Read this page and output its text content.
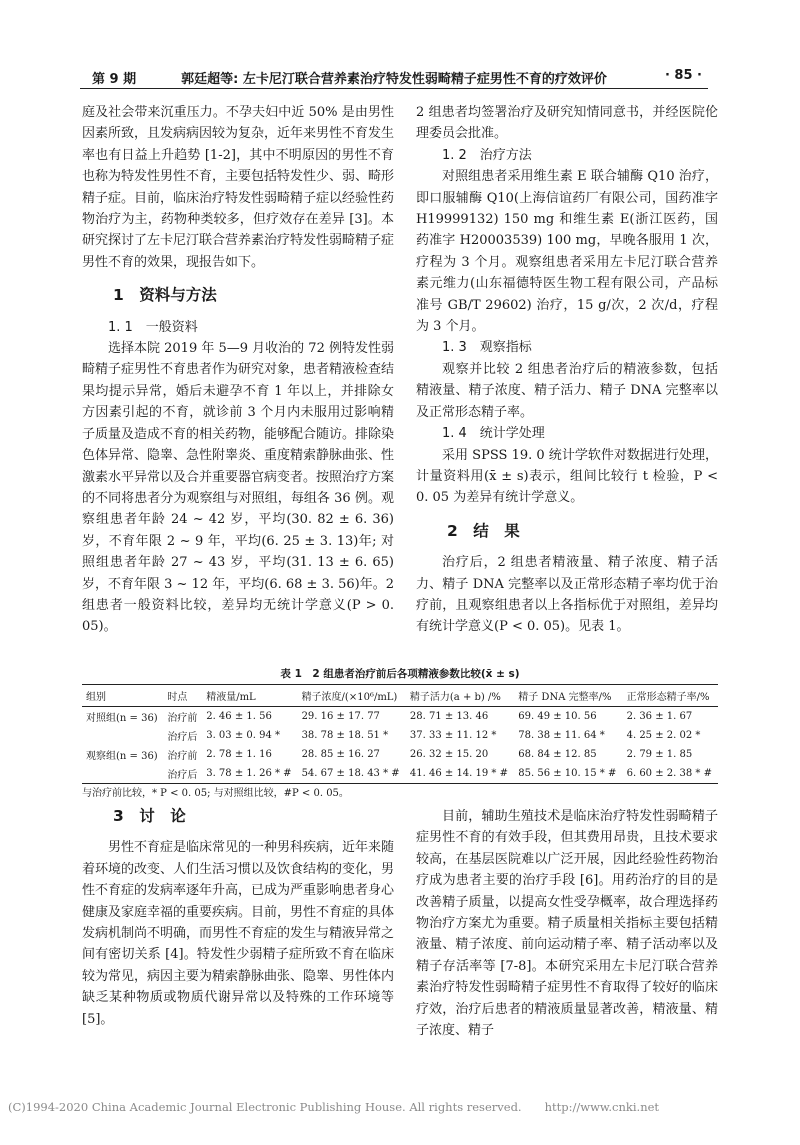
第 9 期	郭廷超等: 左卡尼汀联合营养素治疗特发性弱畸精子症男性不育的疗效评价	· 85 ·

庭及社会带来沉重压力。不孕夫妇中近 50% 是由男性因素所致，且发病病因较为复杂，近年来男性不育发生率也有日益上升趋势 [1-2]，其中不明原因的男性不育也称为特发性男性不育，主要包括特发性少、弱、畸形精子症。目前，临床治疗特发性弱畸精子症以经验性药物治疗为主，药物种类较多，但疗效存在差异 [3]。本研究探讨了左卡尼汀联合营养素治疗特发性弱畸精子症男性不育的效果，现报告如下。

1　资料与方法

1. 1　一般资料

选择本院 2019 年 5—9 月收治的 72 例特发性弱畸精子症男性不育患者作为研究对象，患者精液检查结果均提示异常，婚后未避孕不育 1 年以上，并排除女方因素引起的不育，就诊前 3 个月内未服用过影响精子质量及造成不育的相关药物，能够配合随访。排除染色体异常、隐睾、急性附睾炎、重度精索静脉曲张、性激素水平异常以及合并重要器官病变者。按照治疗方案的不同将患者分为观察组与对照组，每组各 36 例。观察组患者年龄 24 ~ 42 岁，平均(30. 82 ± 6. 36)岁，不育年限 2 ~ 9 年，平均(6. 25 ± 3. 13)年; 对照组患者年龄 27 ~ 43 岁，平均(31. 13 ± 6. 65)岁，不育年限 3 ~ 12 年，平均(6. 68 ± 3. 56)年。2 组患者一般资料比较，差异均无统计学意义(P > 0. 05)。

2 组患者均签署治疗及研究知情同意书，并经医院伦理委员会批准。

1. 2　治疗方法

对照组患者采用维生素 E 联合辅酶 Q10 治疗，即口服辅酶 Q10(上海信谊药厂有限公司，国药准字 H19999132) 150 mg 和维生素 E(浙江医药，国药准字 H20003539) 100 mg，早晚各服用 1 次，疗程为 3 个月。观察组患者采用左卡尼汀联合营养素元维力(山东福德特医生物工程有限公司，产品标准号 GB/T 29602) 治疗，15 g/次，2 次/d，疗程为 3 个月。

1. 3　观察指标

观察并比较 2 组患者治疗后的精液参数，包括精液量、精子浓度、精子活力、精子 DNA 完整率以及正常形态精子率。

1. 4　统计学处理

采用 SPSS 19. 0 统计学软件对数据进行处理，计量资料用(x̄ ± s)表示，组间比较行 t 检验，P < 0. 05 为差异有统计学意义。

2　结　果

治疗后，2 组患者精液量、精子浓度、精子活力、精子 DNA 完整率以及正常形态精子率均优于治疗前，且观察组患者以上各指标优于对照组，差异均有统计学意义(P < 0. 05)。见表 1。

表 1　2 组患者治疗前后各项精液参数比较(x̄ ± s)
组别	时点	精液量/mL	精子浓度/(×10⁶/mL)	精子活力(a + b) /%	精子 DNA 完整率/%	正常形态精子率/%
对照组(n = 36)	治疗前	2. 46 ± 1. 56	29. 16 ± 17. 77	28. 71 ± 13. 46	69. 49 ± 10. 56	2. 36 ± 1. 67
	治疗后	3. 03 ± 0. 94 *	38. 78 ± 18. 51 *	37. 33 ± 11. 12 *	78. 38 ± 11. 64 *	4. 25 ± 2. 02 *
观察组(n = 36)	治疗前	2. 78 ± 1. 16	28. 85 ± 16. 27	26. 32 ± 15. 20	68. 84 ± 12. 85	2. 79 ± 1. 85
	治疗后	3. 78 ± 1. 26 * #	54. 67 ± 18. 43 * #	41. 46 ± 14. 19 * #	85. 56 ± 10. 15 * #	6. 60 ± 2. 38 * #
与治疗前比较，* P < 0. 05; 与对照组比较，#P < 0. 05。

3　讨　论

男性不育症是临床常见的一种男科疾病，近年来随着环境的改变、人们生活习惯以及饮食结构的变化，男性不育症的发病率逐年升高，已成为严重影响患者身心健康及家庭幸福的重要疾病。目前，男性不育症的具体发病机制尚不明确，而男性不育症的发生与精液异常之间有密切关系 [4]。特发性少弱精子症所致不育在临床较为常见，病因主要为精索静脉曲张、隐睾、男性体内缺乏某种物质或物质代谢异常以及特殊的工作环境等 [5]。

目前，辅助生殖技术是临床治疗特发性弱畸精子症男性不育的有效手段，但其费用昂贵，且技术要求较高，在基层医院难以广泛开展，因此经验性药物治疗成为患者主要的治疗手段 [6]。用药治疗的目的是改善精子质量，以提高女性受孕概率，故合理选择药物治疗方案尤为重要。精子质量相关指标主要包括精液量、精子浓度、前向运动精子率、精子活动率以及精子存活率等 [7-8]。本研究采用左卡尼汀联合营养素治疗特发性弱畸精子症男性不育取得了较好的临床疗效，治疗后患者的精液质量显著改善，精液量、精子浓度、精子

(C)1994-2020 China Academic Journal Electronic Publishing House. All rights reserved.　　http://www.cnki.net
